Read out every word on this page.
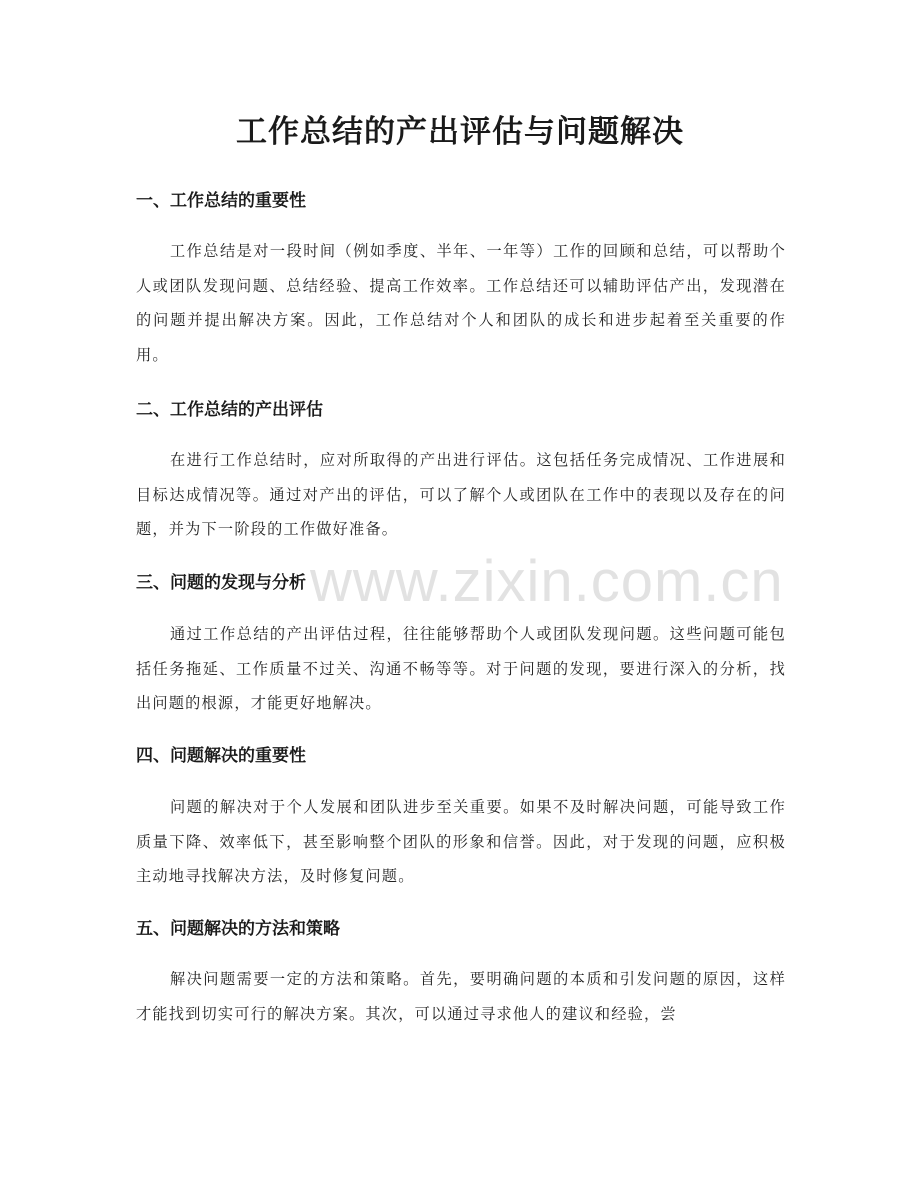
工作总结的产出评估与问题解决
一、工作总结的重要性

工作总结是对一段时间（例如季度、半年、一年等）工作的回顾和总结，可以帮助个人或团队发现问题、总结经验、提高工作效率。工作总结还可以辅助评估产出，发现潜在的问题并提出解决方案。因此，工作总结对个人和团队的成长和进步起着至关重要的作用。

二、工作总结的产出评估

在进行工作总结时，应对所取得的产出进行评估。这包括任务完成情况、工作进展和目标达成情况等。通过对产出的评估，可以了解个人或团队在工作中的表现以及存在的问题，并为下一阶段的工作做好准备。

三、问题的发现与分析

通过工作总结的产出评估过程，往往能够帮助个人或团队发现问题。这些问题可能包括任务拖延、工作质量不过关、沟通不畅等等。对于问题的发现，要进行深入的分析，找出问题的根源，才能更好地解决。

四、问题解决的重要性

问题的解决对于个人发展和团队进步至关重要。如果不及时解决问题，可能导致工作质量下降、效率低下，甚至影响整个团队的形象和信誉。因此，对于发现的问题，应积极主动地寻找解决方法，及时修复问题。

五、问题解决的方法和策略

解决问题需要一定的方法和策略。首先，要明确问题的本质和引发问题的原因，这样才能找到切实可行的解决方案。其次，可以通过寻求他人的建议和经验，尝

www.zixin.com.cn
